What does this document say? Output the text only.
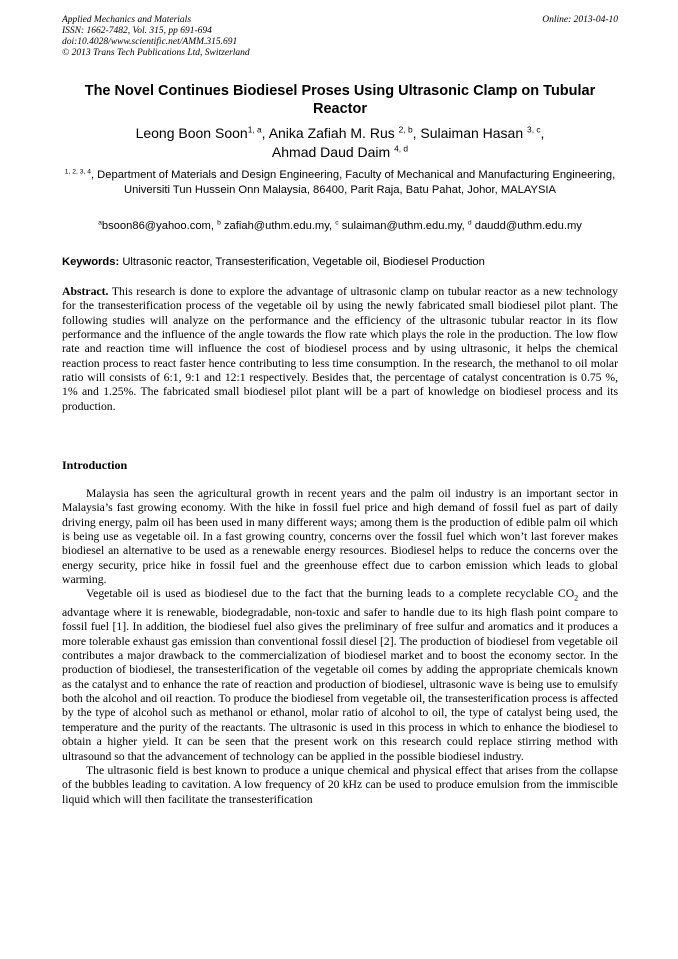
Applied Mechanics and Materials
ISSN: 1662-7482, Vol. 315, pp 691-694
doi:10.4028/www.scientific.net/AMM.315.691
© 2013 Trans Tech Publications Ltd, Switzerland
Online: 2013-04-10
The Novel Continues Biodiesel Proses Using Ultrasonic Clamp on Tubular Reactor
Leong Boon Soon$^{1, a}$, Anika Zafiah M. Rus $^{2, b}$, Sulaiman Hasan $^{3, c}$,
Ahmad Daud Daim $^{4, d}$
$^{1, 2, 3, 4}$, Department of Materials and Design Engineering, Faculty of Mechanical and Manufacturing Engineering, Universiti Tun Hussein Onn Malaysia, 86400, Parit Raja, Batu Pahat, Johor, MALAYSIA
$^a$bsoon86@yahoo.com, $^b$ zafiah@uthm.edu.my, $^c$ sulaiman@uthm.edu.my, $^d$ daudd@uthm.edu.my
Keywords: Ultrasonic reactor, Transesterification, Vegetable oil, Biodiesel Production
Abstract. This research is done to explore the advantage of ultrasonic clamp on tubular reactor as a new technology for the transesterification process of the vegetable oil by using the newly fabricated small biodiesel pilot plant. The following studies will analyze on the performance and the efficiency of the ultrasonic tubular reactor in its flow performance and the influence of the angle towards the flow rate which plays the role in the production. The low flow rate and reaction time will influence the cost of biodiesel process and by using ultrasonic, it helps the chemical reaction process to react faster hence contributing to less time consumption. In the research, the methanol to oil molar ratio will consists of 6:1, 9:1 and 12:1 respectively. Besides that, the percentage of catalyst concentration is 0.75 %, 1% and 1.25%. The fabricated small biodiesel pilot plant will be a part of knowledge on biodiesel process and its production.
Introduction

Malaysia has seen the agricultural growth in recent years and the palm oil industry is an important sector in Malaysia’s fast growing economy. With the hike in fossil fuel price and high demand of fossil fuel as part of daily driving energy, palm oil has been used in many different ways; among them is the production of edible palm oil which is being use as vegetable oil. In a fast growing country, concerns over the fossil fuel which won’t last forever makes biodiesel an alternative to be used as a renewable energy resources. Biodiesel helps to reduce the concerns over the energy security, price hike in fossil fuel and the greenhouse effect due to carbon emission which leads to global warming.

Vegetable oil is used as biodiesel due to the fact that the burning leads to a complete recyclable $CO_2$ and the advantage where it is renewable, biodegradable, non-toxic and safer to handle due to its high flash point compare to fossil fuel [1]. In addition, the biodiesel fuel also gives the preliminary of free sulfur and aromatics and it produces a more tolerable exhaust gas emission than conventional fossil diesel [2]. The production of biodiesel from vegetable oil contributes a major drawback to the commercialization of biodiesel market and to boost the economy sector. In the production of biodiesel, the transesterification of the vegetable oil comes by adding the appropriate chemicals known as the catalyst and to enhance the rate of reaction and production of biodiesel, ultrasonic wave is being use to emulsify both the alcohol and oil reaction. To produce the biodiesel from vegetable oil, the transesterification process is affected by the type of alcohol such as methanol or ethanol, molar ratio of alcohol to oil, the type of catalyst being used, the temperature and the purity of the reactants. The ultrasonic is used in this process in which to enhance the biodiesel to obtain a higher yield. It can be seen that the present work on this research could replace stirring method with ultrasound so that the advancement of technology can be applied in the possible biodiesel industry.

The ultrasonic field is best known to produce a unique chemical and physical effect that arises from the collapse of the bubbles leading to cavitation. A low frequency of 20 kHz can be used to produce emulsion from the immiscible liquid which will then facilitate the transesterification
